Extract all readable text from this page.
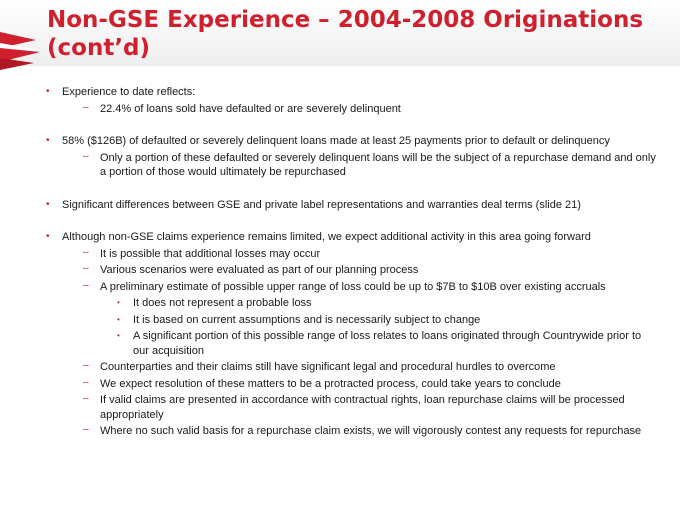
Non-GSE Experience – 2004-2008 Originations (cont’d)
• Experience to date reflects:
– 22.4% of loans sold have defaulted or are severely delinquent
• 58% ($126B) of defaulted or severely delinquent loans made at least 25 payments prior to default or delinquency
– Only a portion of these defaulted or severely delinquent loans will be the subject of a repurchase demand and only a portion of those would ultimately be repurchased
• Significant differences between GSE and private label representations and warranties deal terms (slide 21)
• Although non-GSE claims experience remains limited, we expect additional activity in this area going forward
– It is possible that additional losses may occur
– Various scenarios were evaluated as part of our planning process
– A preliminary estimate of possible upper range of loss could be up to $7B to $10B over existing accruals
• It does not represent a probable loss
• It is based on current assumptions and is necessarily subject to change
• A significant portion of this possible range of loss relates to loans originated through Countrywide prior to our acquisition
– Counterparties and their claims still have significant legal and procedural hurdles to overcome
– We expect resolution of these matters to be a protracted process, could take years to conclude
– If valid claims are presented in accordance with contractual rights, loan repurchase claims will be processed appropriately
– Where no such valid basis for a repurchase claim exists, we will vigorously contest any requests for repurchase
